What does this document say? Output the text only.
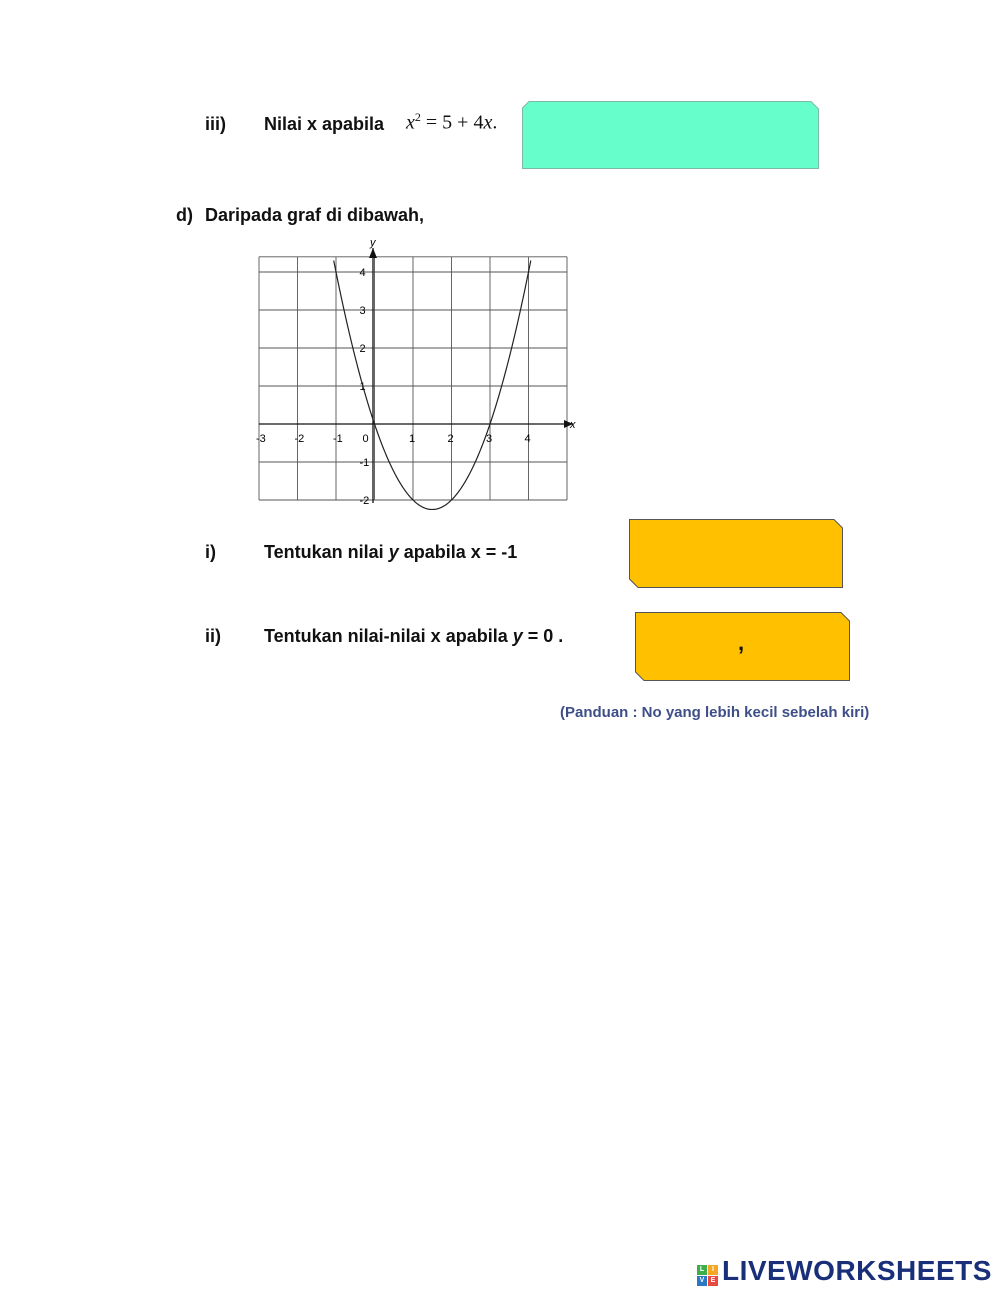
iii) Nilai x apabila $x^2 = 5 + 4x$.
d) Daripada graf di dibawah,
x
y
-3	-2	-1 0	1	2	3	4
4
3
2
1
-1
-2
i)	Tentukan nilai y apabila x = -1
ii) Tentukan nilai-nilai x apabila y = 0 .	,
(Panduan : No yang lebih kecil sebelah kiri)
L	I
V E LIVEWORKSHEETS
